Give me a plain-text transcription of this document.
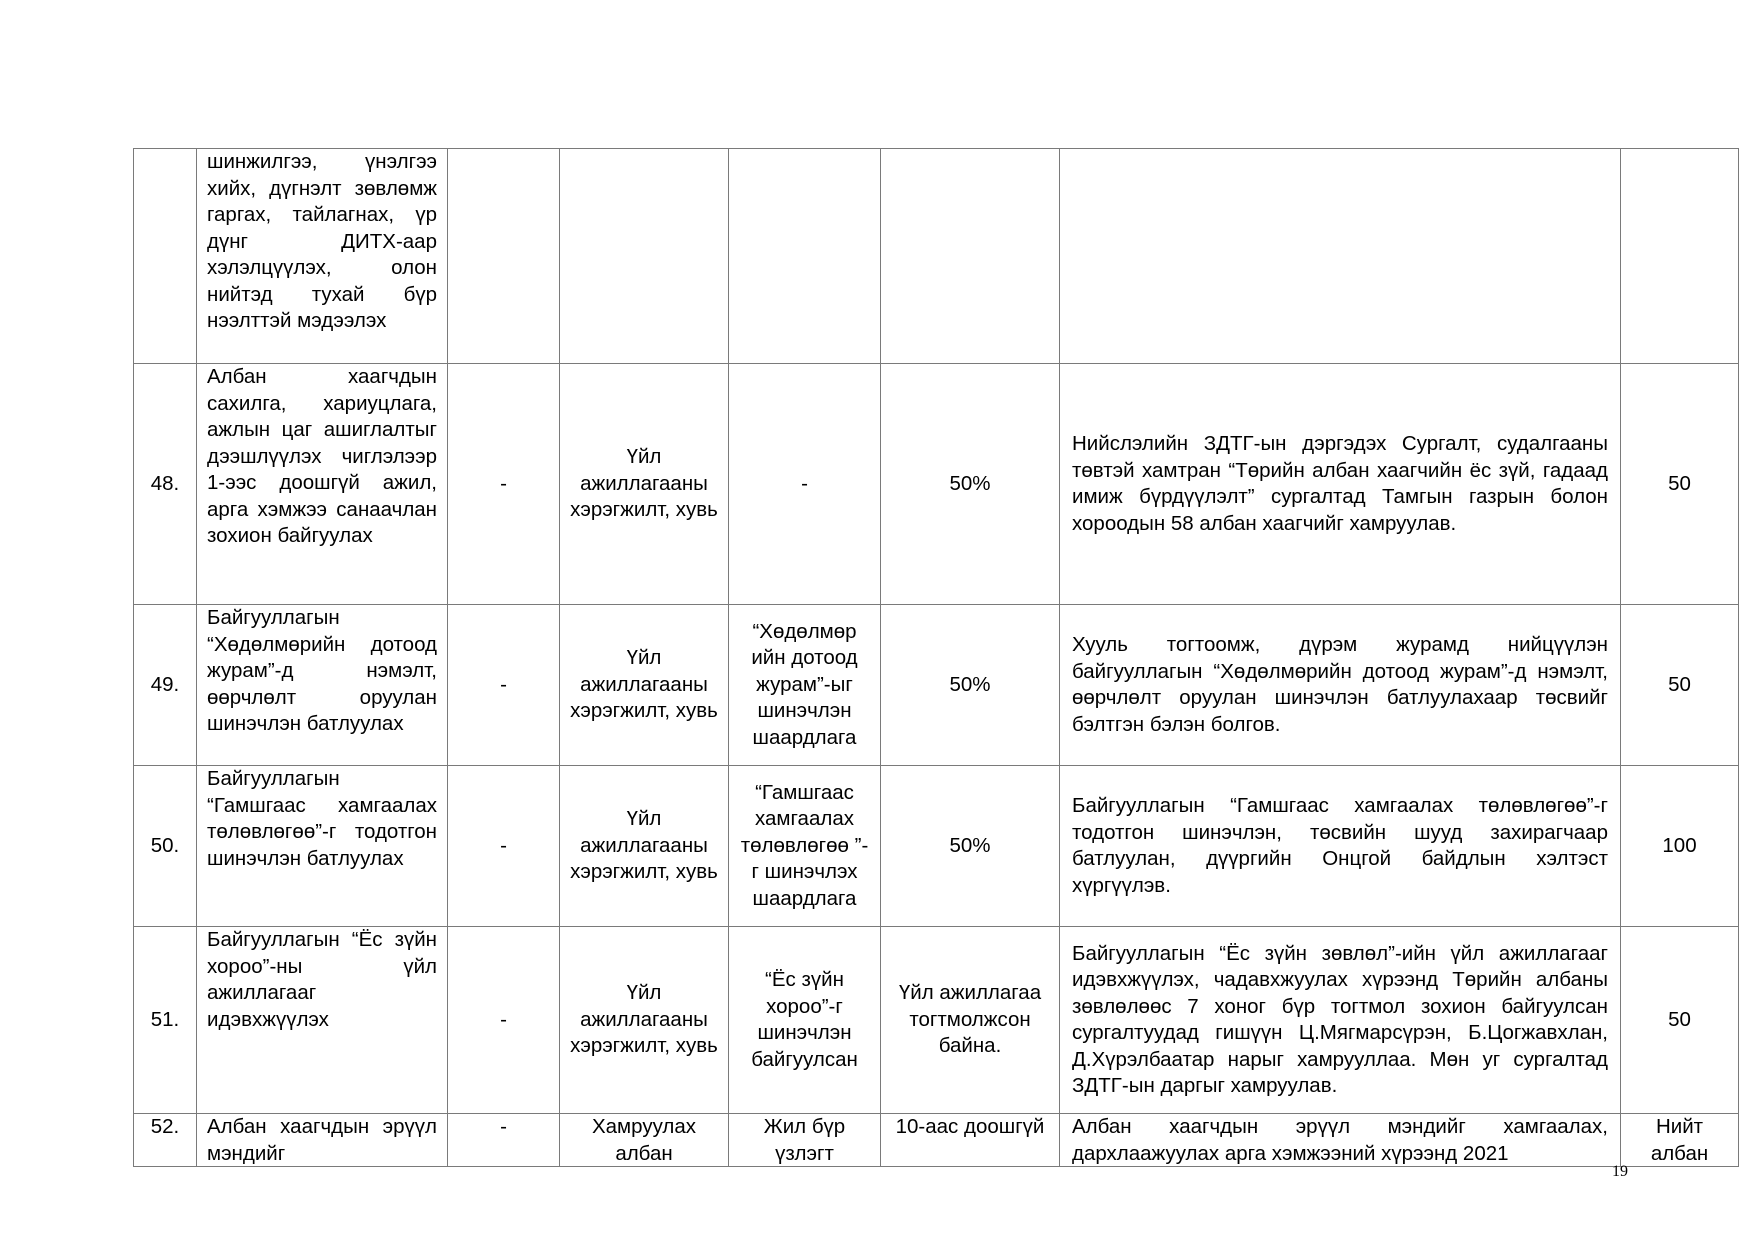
	шинжилгээ, үнэлгээ хийх, дүгнэлт зөвлөмж гаргах, тайлагнах, үр дүнг ДИТХ-аар хэлэлцүүлэх, олон нийтэд тухай бүр нээлттэй мэдээлэх						

48.	Албан хаагчдын сахилга, хариуцлага, ажлын цаг ашиглалтыг дээшлүүлэх чиглэлээр 1-ээс доошгүй ажил, арга хэмжээ санаачлан зохион байгуулах	-	Үйл ажиллагааны хэрэгжилт, хувь	-	50%	Нийслэлийн ЗДТГ-ын дэргэдэх Сургалт, судалгааны төвтэй хамтран “Төрийн албан хаагчийн ёс зүй, гадаад имиж бүрдүүлэлт” сургалтад Тамгын газрын болон хороодын 58 албан хаагчийг хамруулав.	50

49.	Байгууллагын “Хөдөлмөрийн дотоод журам”-д нэмэлт, өөрчлөлт оруулан шинэчлэн батлуулах	-	Үйл ажиллагааны хэрэгжилт, хувь	“Хөдөлмөр ийн дотоод журам”-ыг шинэчлэн шаардлага	50%	Хууль тогтоомж, дүрэм журамд нийцүүлэн байгууллагын “Хөдөлмөрийн дотоод журам”-д нэмэлт, өөрчлөлт оруулан шинэчлэн батлуулахаар төсвийг бэлтгэн бэлэн болгов.	50

50.	Байгууллагын “Гамшгаас хамгаалах төлөвлөгөө”-г тодотгон шинэчлэн батлуулах	-	Үйл ажиллагааны хэрэгжилт, хувь	“Гамшгаас хамгаалах төлөвлөгөө ”-г шинэчлэх шаардлага	50%	Байгууллагын “Гамшгаас хамгаалах төлөвлөгөө”-г тодотгон шинэчлэн, төсвийн шууд захирагчаар батлуулан, дүүргийн Онцгой байдлын хэлтэст хүргүүлэв.	100

51.	Байгууллагын “Ёс зүйн хороо”-ны үйл ажиллагааг идэвхжүүлэх	-	Үйл ажиллагааны хэрэгжилт, хувь	“Ёс зүйн хороо”-г шинэчлэн байгуулсан	Үйл ажиллагаа тогтмолжсон байна.	Байгууллагын “Ёс зүйн зөвлөл”-ийн үйл ажиллагааг идэвхжүүлэх, чадавхжуулах хүрээнд Төрийн албаны зөвлөлөөс 7 хоног бүр тогтмол зохион байгуулсан сургалтуудад гишүүн Ц.Мягмарсүрэн, Б.Цогжавхлан, Д.Хүрэлбаатар нарыг хамрууллаа. Мөн уг сургалтад ЗДТГ-ын даргыг хамруулав.	50

52.	Албан хаагчдын эрүүл мэндийг	-	Хамруулах албан	Жил бүр үзлэгт	10-аас доошгүй	Албан хаагчдын эрүүл мэндийг хамгаалах, дархлаажуулах арга хэмжээний хүрээнд 2021	Нийт албан
19
